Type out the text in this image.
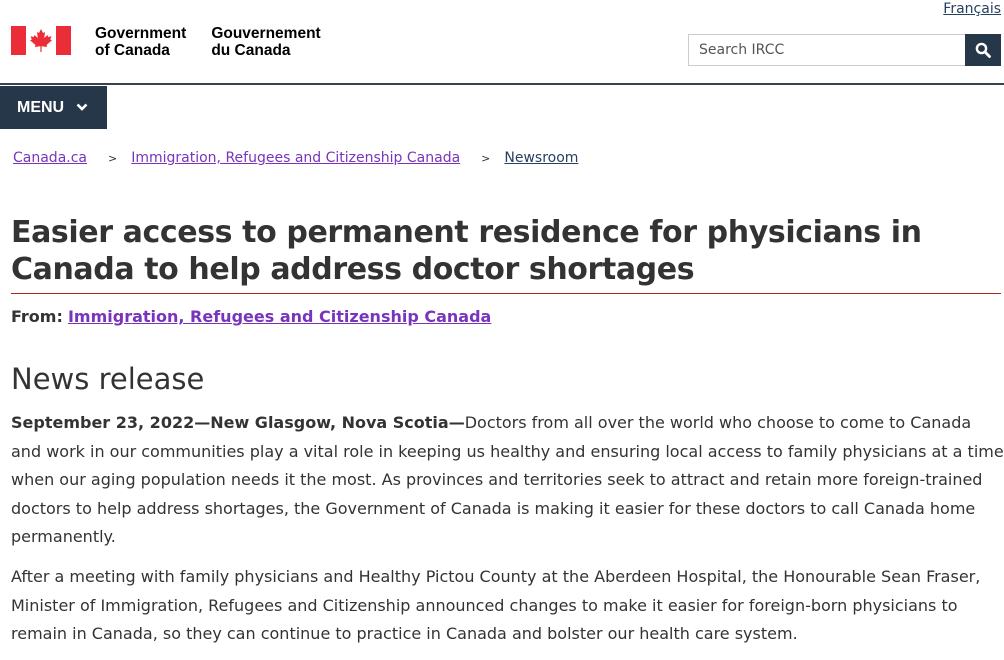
Français
Government
of Canada
Gouvernement
du Canada
Search IRCC
MENU
Canada.ca > Immigration, Refugees and Citizenship Canada > Newsroom
Easier access to permanent residence for physicians in Canada to help address doctor shortages
From: Immigration, Refugees and Citizenship Canada
News release

September 23, 2022—New Glasgow, Nova Scotia—Doctors from all over the world who choose to come to Canada and work in our communities play a vital role in keeping us healthy and ensuring local access to family physicians at a time when our aging population needs it the most. As provinces and territories seek to attract and retain more foreign-trained doctors to help address shortages, the Government of Canada is making it easier for these doctors to call Canada home permanently.

After a meeting with family physicians and Healthy Pictou County at the Aberdeen Hospital, the Honourable Sean Fraser, Minister of Immigration, Refugees and Citizenship announced changes to make it easier for foreign-born physicians to remain in Canada, so they can continue to practice in Canada and bolster our health care system.
